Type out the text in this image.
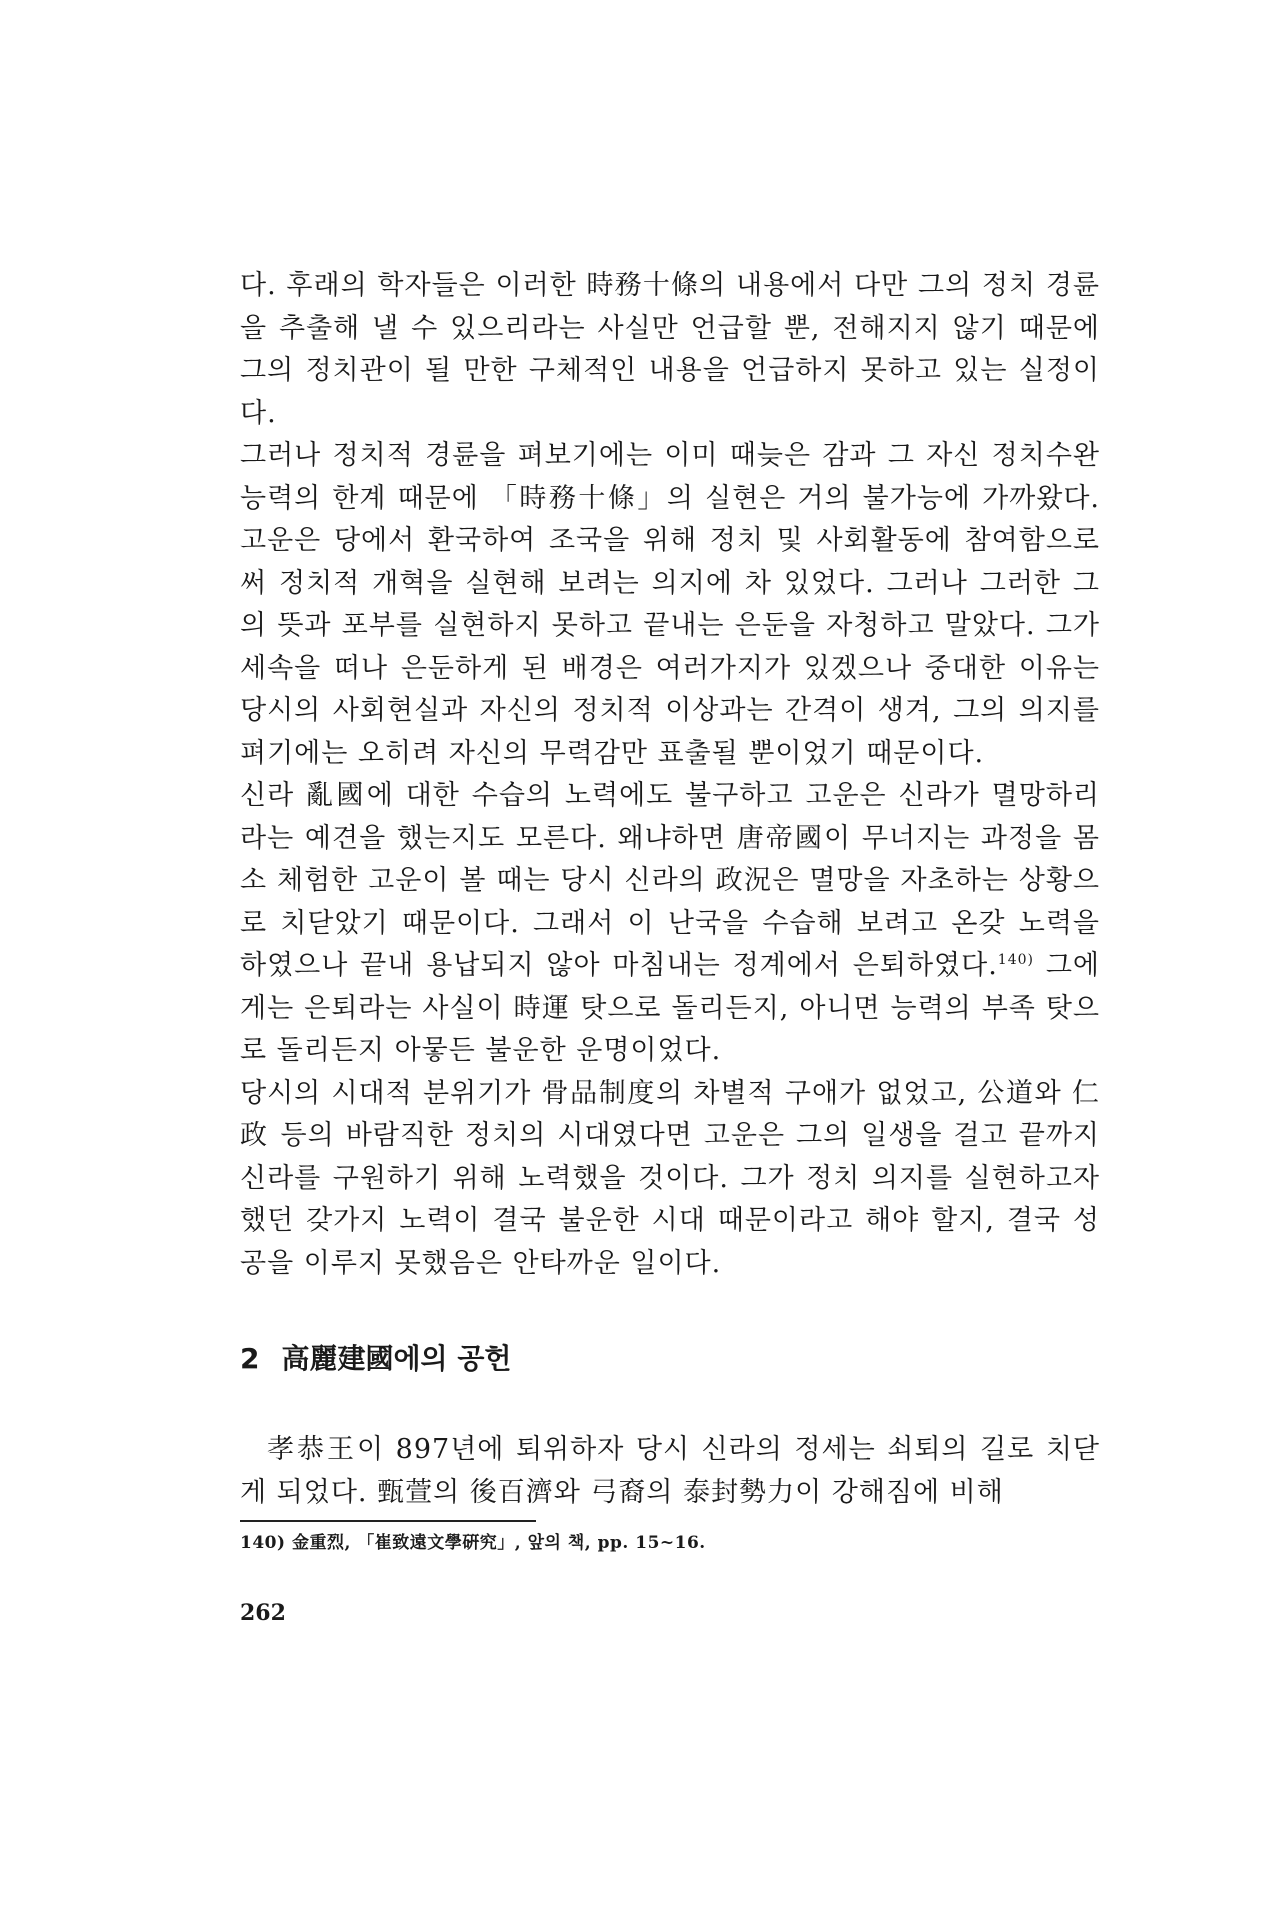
다. 후래의 학자들은 이러한 時務十條의 내용에서 다만 그의 정치 경륜을 추출해 낼 수 있으리라는 사실만 언급할 뿐, 전해지지 않기 때문에 그의 정치관이 될 만한 구체적인 내용을 언급하지 못하고 있는 실정이다.

그러나 정치적 경륜을 펴보기에는 이미 때늦은 감과 그 자신 정치수완 능력의 한계 때문에 「時務十條」의 실현은 거의 불가능에 가까왔다. 고운은 당에서 환국하여 조국을 위해 정치 및 사회활동에 참여함으로써 정치적 개혁을 실현해 보려는 의지에 차 있었다. 그러나 그러한 그의 뜻과 포부를 실현하지 못하고 끝내는 은둔을 자청하고 말았다. 그가 세속을 떠나 은둔하게 된 배경은 여러가지가 있겠으나 중대한 이유는 당시의 사회현실과 자신의 정치적 이상과는 간격이 생겨, 그의 의지를 펴기에는 오히려 자신의 무력감만 표출될 뿐이었기 때문이다.

신라 亂國에 대한 수습의 노력에도 불구하고 고운은 신라가 멸망하리라는 예견을 했는지도 모른다. 왜냐하면 唐帝國이 무너지는 과정을 몸소 체험한 고운이 볼 때는 당시 신라의 政況은 멸망을 자초하는 상황으로 치닫았기 때문이다. 그래서 이 난국을 수습해 보려고 온갖 노력을 하였으나 끝내 용납되지 않아 마침내는 정계에서 은퇴하였다.$^{140)}$ 그에게는 은퇴라는 사실이 時運 탓으로 돌리든지, 아니면 능력의 부족 탓으로 돌리든지 아뭏든 불운한 운명이었다.

당시의 시대적 분위기가 骨品制度의 차별적 구애가 없었고, 公道와 仁政 등의 바람직한 정치의 시대였다면 고운은 그의 일생을 걸고 끝까지 신라를 구원하기 위해 노력했을 것이다. 그가 정치 의지를 실현하고자 했던 갖가지 노력이 결국 불운한 시대 때문이라고 해야 할지, 결국 성공을 이루지 못했음은 안타까운 일이다.

2 高麗建國에의 공헌

孝恭王이 897년에 퇴위하자 당시 신라의 정세는 쇠퇴의 길로 치닫게 되었다. 甄萱의 後百濟와 弓裔의 泰封勢力이 강해짐에 비해

140) 金重烈, 「崔致遠文學硏究」, 앞의 책, pp. 15~16.
262
